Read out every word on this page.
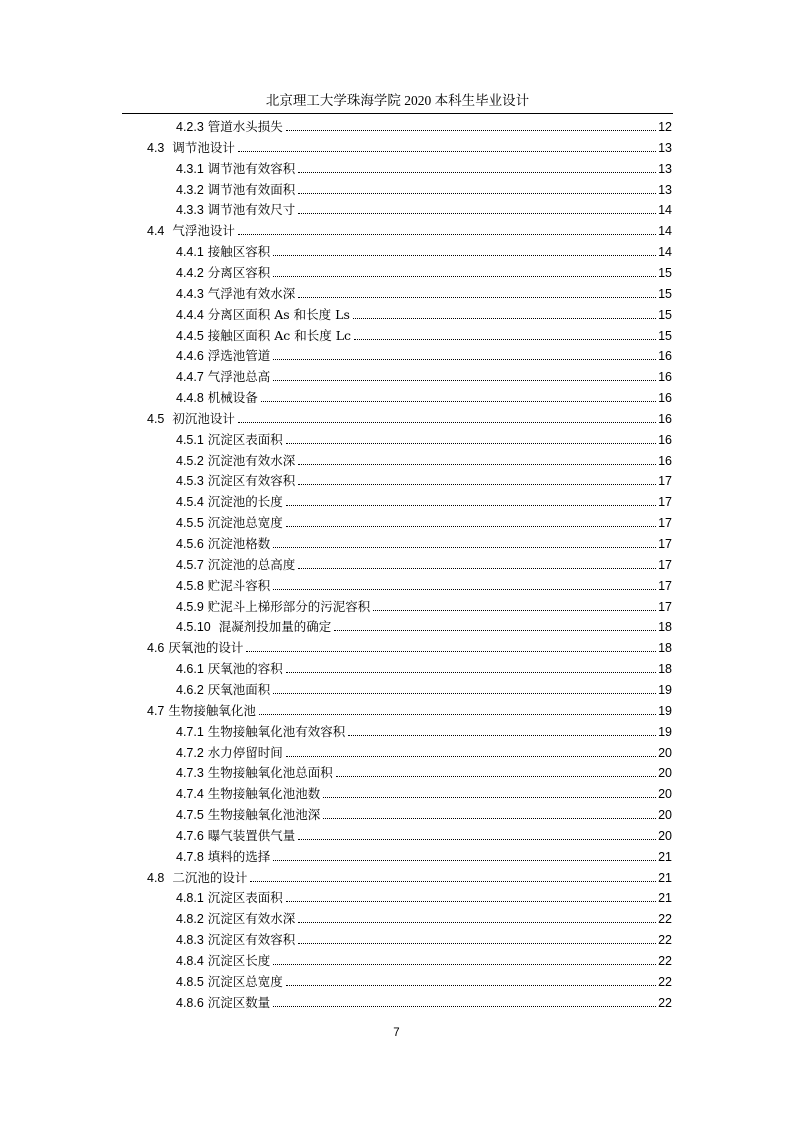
北京理工大学珠海学院 2020 本科生毕业设计
4.2.3 管道水头损失	12
4.3  调节池设计	13
4.3.1 调节池有效容积	13
4.3.2 调节池有效面积	13
4.3.3 调节池有效尺寸	14
4.4  气浮池设计	14
4.4.1 接触区容积	14
4.4.2 分离区容积	15
4.4.3 气浮池有效水深	15
4.4.4 分离区面积 As 和长度 Ls	15
4.4.5 接触区面积 Ac 和长度 Lc	15
4.4.6 浮选池管道	16
4.4.7 气浮池总高	16
4.4.8 机械设备	16
4.5  初沉池设计	16
4.5.1 沉淀区表面积	16
4.5.2 沉淀池有效水深	16
4.5.3 沉淀区有效容积	17
4.5.4 沉淀池的长度	17
4.5.5 沉淀池总宽度	17
4.5.6 沉淀池格数	17
4.5.7 沉淀池的总高度	17
4.5.8 贮泥斗容积	17
4.5.9 贮泥斗上梯形部分的污泥容积	17
4.5.10  混凝剂投加量的确定	18
4.6 厌氧池的设计	18
4.6.1 厌氧池的容积	18
4.6.2 厌氧池面积	19
4.7 生物接触氧化池	19
4.7.1 生物接触氧化池有效容积	19
4.7.2 水力停留时间	20
4.7.3 生物接触氧化池总面积	20
4.7.4 生物接触氧化池池数	20
4.7.5 生物接触氧化池池深	20
4.7.6 曝气装置供气量	20
4.7.8 填料的选择	21
4.8  二沉池的设计	21
4.8.1 沉淀区表面积	21
4.8.2 沉淀区有效水深	22
4.8.3 沉淀区有效容积	22
4.8.4 沉淀区长度	22
4.8.5 沉淀区总宽度	22
4.8.6 沉淀区数量	22
7
